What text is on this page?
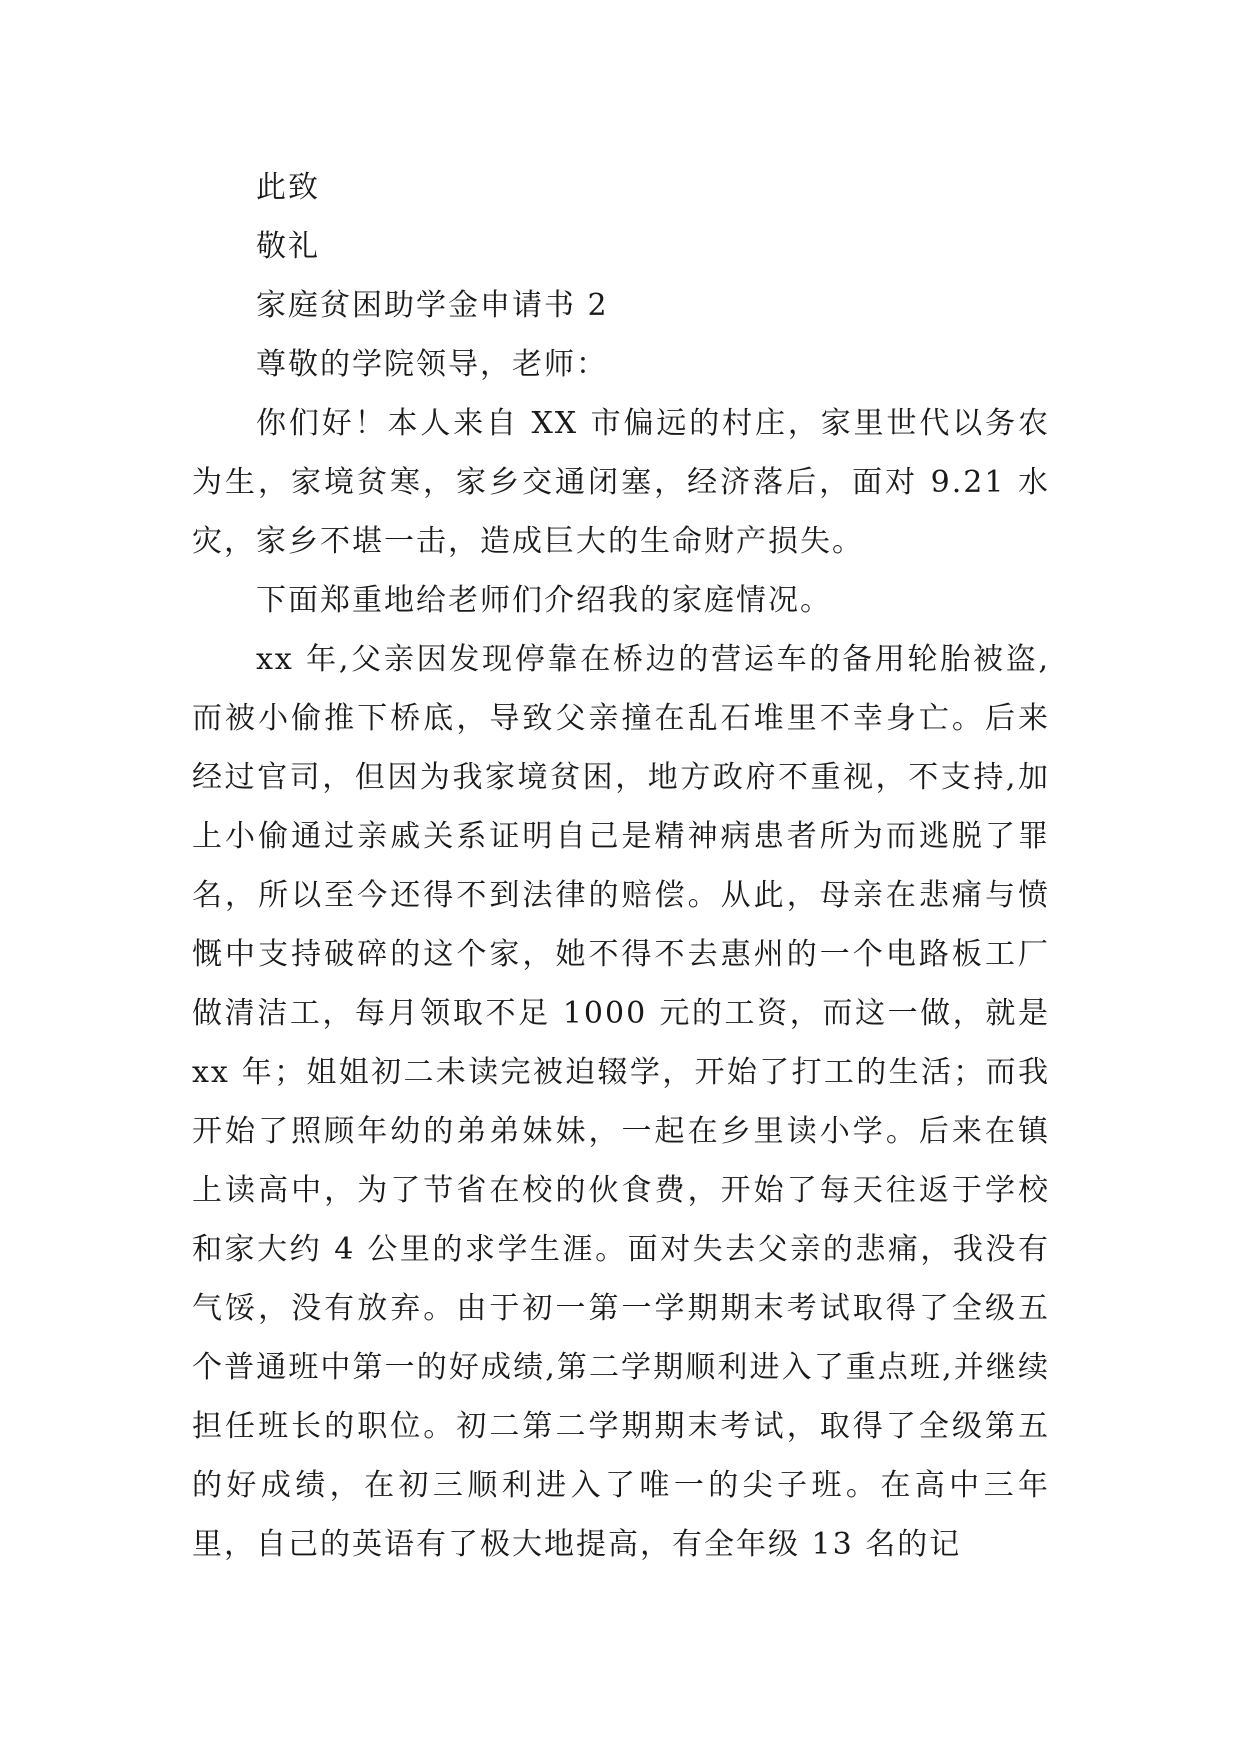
此致

敬礼

家庭贫困助学金申请书 2

尊敬的学院领导，老师：

你们好！本人来自 XX 市偏远的村庄，家里世代以务农为生，家境贫寒，家乡交通闭塞，经济落后，面对 9.21 水灾，家乡不堪一击，造成巨大的生命财产损失。

下面郑重地给老师们介绍我的家庭情况。

xx 年,父亲因发现停靠在桥边的营运车的备用轮胎被盗,而被小偷推下桥底，导致父亲撞在乱石堆里不幸身亡。后来经过官司，但因为我家境贫困，地方政府不重视，不支持,加上小偷通过亲戚关系证明自己是精神病患者所为而逃脱了罪名，所以至今还得不到法律的赔偿。从此，母亲在悲痛与愤慨中支持破碎的这个家，她不得不去惠州的一个电路板工厂做清洁工，每月领取不足 1000 元的工资，而这一做，就是 xx 年；姐姐初二未读完被迫辍学，开始了打工的生活；而我开始了照顾年幼的弟弟妹妹，一起在乡里读小学。后来在镇上读高中，为了节省在校的伙食费，开始了每天往返于学校和家大约 4 公里的求学生涯。面对失去父亲的悲痛，我没有气馁，没有放弃。由于初一第一学期期末考试取得了全级五个普通班中第一的好成绩,第二学期顺利进入了重点班,并继续担任班长的职位。初二第二学期期末考试，取得了全级第五的好成绩，在初三顺利进入了唯一的尖子班。在高中三年里，自己的英语有了极大地提高，有全年级 13 名的记
